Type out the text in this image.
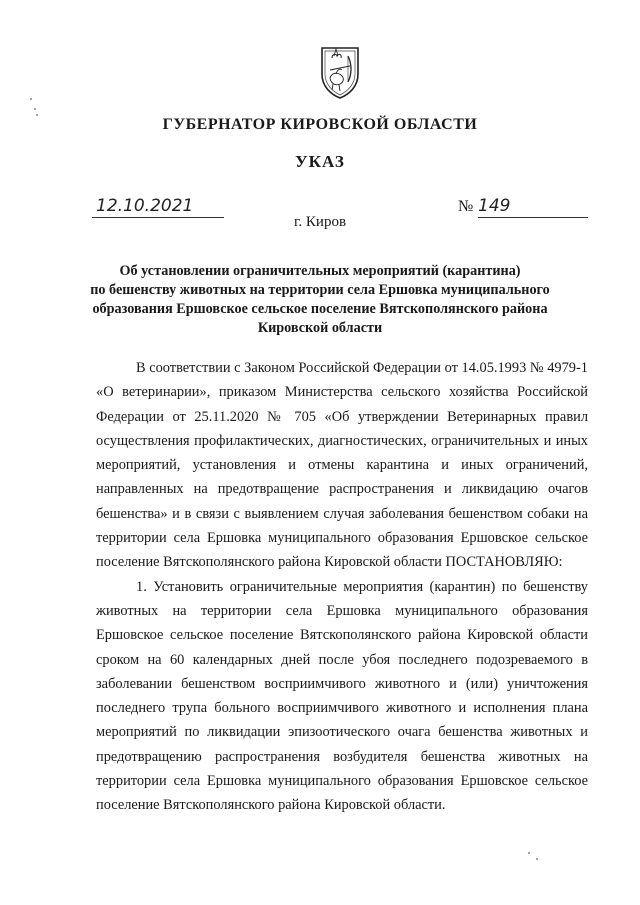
ГУБЕРНАТОР КИРОВСКОЙ ОБЛАСТИ
УКАЗ
12.10.2021	№ 149
г. Киров
Об установлении ограничительных мероприятий (карантина)
по бешенству животных на территории села Ершовка муниципального
образования Ершовское сельское поселение Вятскополянского района
Кировской области

В соответствии с Законом Российской Федерации от 14.05.1993 № 4979-1 «О ветеринарии», приказом Министерства сельского хозяйства Российской Федерации от 25.11.2020 № 705 «Об утверждении Ветеринарных правил осуществления профилактических, диагностических, ограничительных и иных мероприятий, установления и отмены карантина и иных ограничений, направленных на предотвращение распространения и ликвидацию очагов бешенства» и в связи с выявлением случая заболевания бешенством собаки на территории села Ершовка муниципального образования Ершовское сельское поселение Вятскополянского района Кировской области ПОСТАНОВЛЯЮ:

1. Установить ограничительные мероприятия (карантин) по бешенству животных на территории села Ершовка муниципального образования Ершовское сельское поселение Вятскополянского района Кировской области сроком на 60 календарных дней после убоя последнего подозреваемого в заболевании бешенством восприимчивого животного и (или) уничтожения последнего трупа больного восприимчивого животного и исполнения плана мероприятий по ликвидации эпизоотического очага бешенства животных и предотвращению распространения возбудителя бешенства животных на территории села Ершовка муниципального образования Ершовское сельское поселение Вятскополянского района Кировской области.
